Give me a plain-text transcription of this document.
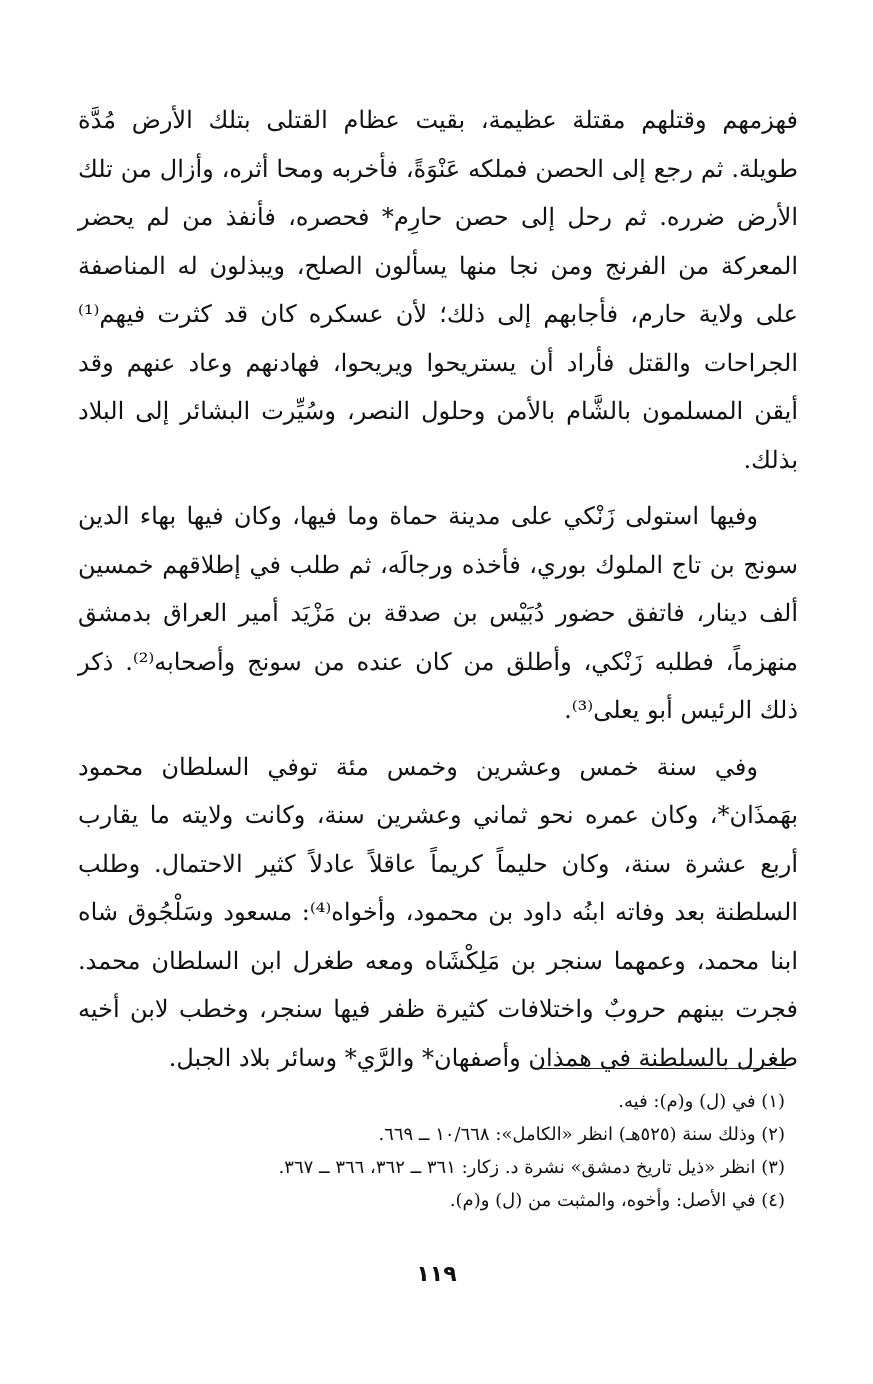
فهزمهم وقتلهم مقتلة عظيمة، بقيت عظام القتلى بتلك الأرض مُدَّة طويلة. ثم رجع إلى الحصن فملكه عَنْوَةً، فأخربه ومحا أثره، وأزال من تلك الأرض ضرره. ثم رحل إلى حصن حارِم* فحصره، فأنفذ من لم يحضر المعركة من الفرنج ومن نجا منها يسألون الصلح، ويبذلون له المناصفة على ولاية حارم، فأجابهم إلى ذلك؛ لأن عسكره كان قد كثرت فيهم⁽¹⁾ الجراحات والقتل فأراد أن يستريحوا ويريحوا، فهادنهم وعاد عنهم وقد أيقن المسلمون بالشَّام بالأمن وحلول النصر، وسُيِّرت البشائر إلى البلاد بذلك.

وفيها استولى زَنْكي على مدينة حماة وما فيها، وكان فيها بهاء الدين سونج بن تاج الملوك بوري، فأخذه ورجالَه، ثم طلب في إطلاقهم خمسين ألف دينار، فاتفق حضور دُبَيْس بن صدقة بن مَزْيَد أمير العراق بدمشق منهزماً، فطلبه زَنْكي، وأطلق من كان عنده من سونج وأصحابه⁽²⁾. ذكر ذلك الرئيس أبو يعلى⁽³⁾.

وفي سنة خمس وعشرين وخمس مئة توفي السلطان محمود بهَمذَان*، وكان عمره نحو ثماني وعشرين سنة، وكانت ولايته ما يقارب أربع عشرة سنة، وكان حليماً كريماً عاقلاً عادلاً كثير الاحتمال. وطلب السلطنة بعد وفاته ابنُه داود بن محمود، وأخواه⁽⁴⁾: مسعود وسَلْجُوق شاه ابنا محمد، وعمهما سنجر بن مَلِكْشَاه ومعه طغرل ابن السلطان محمد. فجرت بينهم حروبٌ واختلافات كثيرة ظفر فيها سنجر، وخطب لابن أخيه طغرل بالسلطنة في همذان وأصفهان* والرَّي* وسائر بلاد الجبل.

(١) في (ل) و(م): فيه.

(٢) وذلك سنة (٥٢٥هـ) انظر «الكامل»: ١٠/٦٦٨ ــ ٦٦٩.

(٣) انظر «ذيل تاريخ دمشق» نشرة د. زكار: ٣٦١ ــ ٣٦٢، ٣٦٦ ــ ٣٦٧.

(٤) في الأصل: وأخوه، والمثبت من (ل) و(م).

١١٩
